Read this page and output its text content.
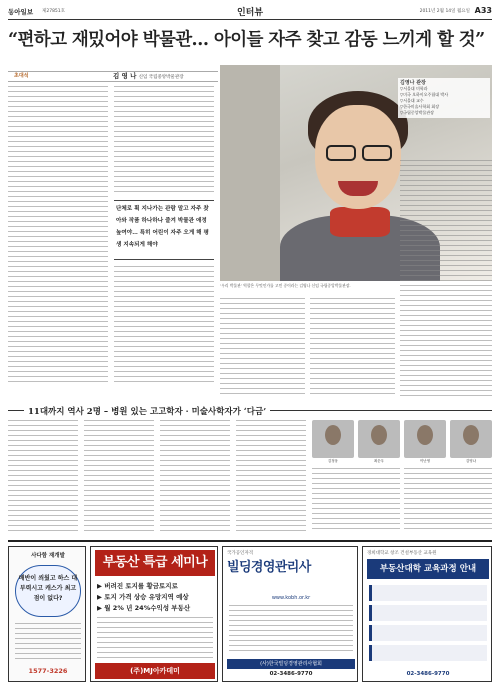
동아일보 제27851호	인터뷰	2011년 2월 14일 월요일 A33
“편하고 재밌어야 박물관… 아이들 자주 찾고 감동 느끼게 할 것”
초대석	김 영 나 신임 국립중앙박물관장
단체로 휙 지나가는 관람 말고 자주 찾아와 작품 하나하나 즐겨 박물관 애정 높여야… 특히 어린이 자주 오게 해 평생 지속되게 해야
김영나 관장
▽서울대 미학과
▽미국 오하이오주립대 박사
▽서울대 교수
▽한국미술사학회 회장
▽국립중앙박물관장
‘우리 박물관’ 역할은 무엇인가를 고민 중이라는 김영나 신임 국립중앙박물관장.
11대까지 역사 2명 – 병원 있는 고고학자 · 미술사학자가 ‘다금’
김정웅	최순우	이난영	김영나
사다함 재개발
배반이 씌웠고 하스 대부력시고 캐스가 최고 점이 없다?
1577-3226
부동산 특급 세미나
▶ 버려진 토지를 황금토지로
▶ 토지 가격 상승 유망지역 예상
▶ 월 2% 년 24%수익성 부동산
(주)MJ아카데미
국가공인자격
빌딩경영관리사
www.kobh.or.kr
(사)한국빌딩경영관리사협회
02-3486-9770
경희대학교 창조 건설부동산 교육원
부동산대학 교육과정 안내
02-3486-9770
